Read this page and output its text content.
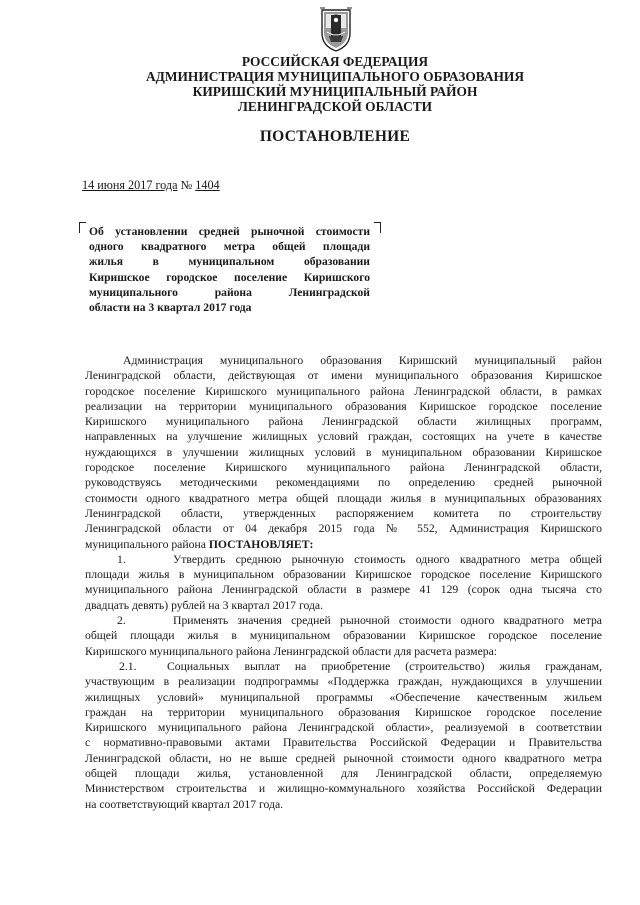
РОССИЙСКАЯ ФЕДЕРАЦИЯ
АДМИНИСТРАЦИЯ МУНИЦИПАЛЬНОГО ОБРАЗОВАНИЯ
КИРИШСКИЙ МУНИЦИПАЛЬНЫЙ РАЙОН
ЛЕНИНГРАДСКОЙ ОБЛАСТИ
ПОСТАНОВЛЕНИЕ
14 июня 2017 года № 1404
Об установлении средней рыночной стоимости
одного квадратного метра общей площади
жилья в муниципальном образовании
Киришское городское поселение Киришского
муниципального района Ленинградской
области на 3 квартал 2017 года
Администрация муниципального образования Киришский муниципальный район
Ленинградской области, действующая от имени муниципального образования Киришское
городское поселение Киришского муниципального района Ленинградской области, в рамках
реализации на территории муниципального образования Киришское городское поселение
Киришского муниципального района Ленинградской области жилищных программ,
направленных на улучшение жилищных условий граждан, состоящих на учете в качестве
нуждающихся в улучшении жилищных условий в муниципальном образовании Киришское
городское поселение Киришского муниципального района Ленинградской области,
руководствуясь методическими рекомендациями по определению средней рыночной
стоимости одного квадратного метра общей площади жилья в муниципальных образованиях
Ленинградской области, утвержденных распоряжением комитета по строительству
Ленинградской области от 04 декабря 2015 года № 552, Администрация Киришского
муниципального района ПОСТАНОВЛЯЕТ:
1.	Утвердить среднюю рыночную стоимость одного квадратного метра общей
площади жилья в муниципальном образовании Киришское городское поселение Киришского
муниципального района Ленинградской области в размере 41 129 (сорок одна тысяча сто
двадцать девять) рублей на 3 квартал 2017 года.
2.	Применять значения средней рыночной стоимости одного квадратного метра
общей площади жилья в муниципальном образовании Киришское городское поселение
Киришского муниципального района Ленинградской области для расчета размера:
2.1.	Социальных выплат на приобретение (строительство) жилья гражданам,
участвующим в реализации подпрограммы «Поддержка граждан, нуждающихся в улучшении
жилищных условий» муниципальной программы «Обеспечение качественным жильем
граждан на территории муниципального образования Киришское городское поселение
Киришского муниципального района Ленинградской области», реализуемой в соответствии
с нормативно-правовыми актами Правительства Российской Федерации и Правительства
Ленинградской области, но не выше средней рыночной стоимости одного квадратного метра
общей площади жилья, установленной для Ленинградской области, определяемую
Министерством строительства и жилищно-коммунального хозяйства Российской Федерации
на соответствующий квартал 2017 года.
